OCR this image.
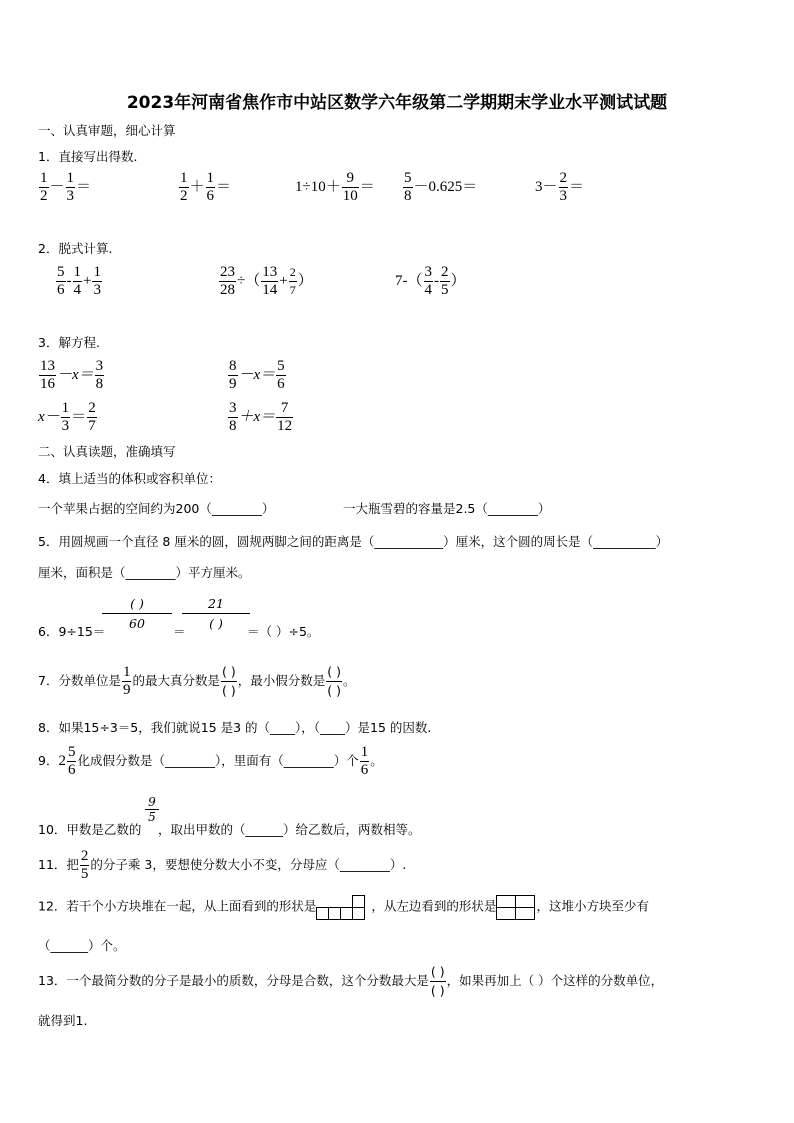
2023年河南省焦作市中站区数学六年级第二学期期末学业水平测试试题
一、认真审题，细心计算
1．直接写出得数.
$\frac{1}{2} - \frac{1}{3}$ ＝	$\frac{1}{2} + \frac{1}{6}$ ＝	$1\div 10+ \frac{9}{10} = \frac{5}{8} -0.625=$	$3- \frac{2}{3}$ ＝
2．脱式计算.
$\frac{5}{6} - \frac{1}{4} + \frac{1}{3}$	$\frac{23}{28}$ ÷（ $\frac{13}{14} + \frac{2}{7}$ ）	$7-( \frac{3}{4} - \frac{2}{5}$ ）
3．解方程.
$\frac{13}{16} -x= \frac{3}{8}$	$\frac{8}{9} -x= \frac{5}{6}$
$x- \frac{1}{3} = \frac{2}{7}$	$\frac{3}{8} +x= \frac{7}{12}$
二、认真读题，准确填写
4．填上适当的体积或容积单位：
一个苹果占据的空间约为200（________）	一大瓶雪碧的容量是2.5（________）
5．用圆规画一个直径 8 厘米的圆，圆规两脚之间的距离是（___________）厘米，这个圆的周长是（__________）
厘米，面积是（________）平方厘米。
6．9÷15＝
( )
60
＝
21
( )
＝（ ）÷5。
7．分数单位是 $\frac{1}{9}$ 的最大真分数是 $\frac{( )}{( )}$ ，最小假分数是 $\frac{( )}{( )}$ 。
8．如果15÷3＝5，我们就说15 是3 的（____），（____）是15 的因数.
9．$2 \frac{5}{6}$ 化成假分数是（________），里面有（________）个 $\frac{1}{6}$ 。
10．甲数是乙数的
$\frac{9}{5}$
，取出甲数的（______）给乙数后，两数相等。
11．把 $\frac{2}{5}$ 的分子乘 3，要想使分数大小不变，分母应（________）.
12．若干个小方块堆在一起，从上面看到的形状是	，从左边看到的形状是	，这堆小方块至少有
（______）个。
13．一个最简分数的分子是最小的质数，分母是合数，这个分数最大是 $\frac{( )}{( )}$ ，如果再加上（ ）个这样的分数单位，
就得到1.
